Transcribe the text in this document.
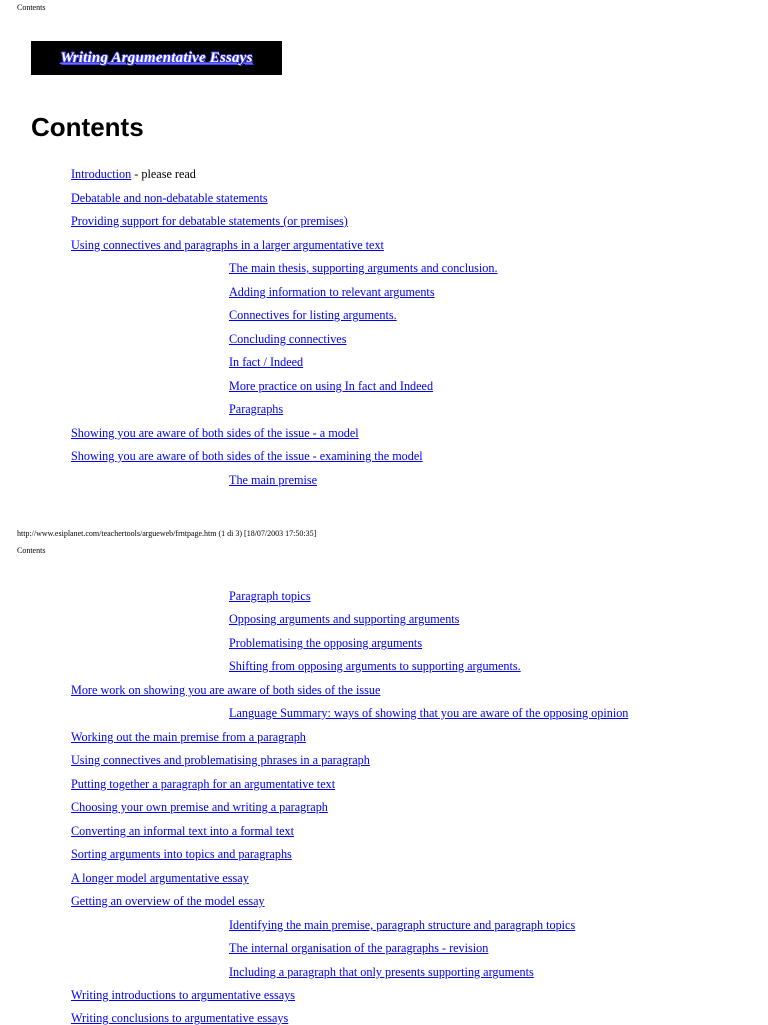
Contents
Writing Argumentative Essays
Contents
Introduction - please read
Debatable and non-debatable statements
Providing support for debatable statements (or premises)
Using connectives and paragraphs in a larger argumentative text
The main thesis, supporting arguments and conclusion.
Adding information to relevant arguments
Connectives for listing arguments.
Concluding connectives
In fact / Indeed
More practice on using In fact and Indeed
Paragraphs
Showing you are aware of both sides of the issue - a model
Showing you are aware of both sides of the issue - examining the model
The main premise
http://www.esiplanet.com/teachertools/argueweb/frntpage.htm (1 di 3) [18/07/2003 17:50:35]
Contents
Paragraph topics
Opposing arguments and supporting arguments
Problematising the opposing arguments
Shifting from opposing arguments to supporting arguments.
More work on showing you are aware of both sides of the issue
Language Summary: ways of showing that you are aware of the opposing opinion
Working out the main premise from a paragraph
Using connectives and problematising phrases in a paragraph
Putting together a paragraph for an argumentative text
Choosing your own premise and writing a paragraph
Converting an informal text into a formal text
Sorting arguments into topics and paragraphs
A longer model argumentative essay
Getting an overview of the model essay
Identifying the main premise, paragraph structure and paragraph topics
The internal organisation of the paragraphs - revision
Including a paragraph that only presents supporting arguments
Writing introductions to argumentative essays
Writing conclusions to argumentative essays
